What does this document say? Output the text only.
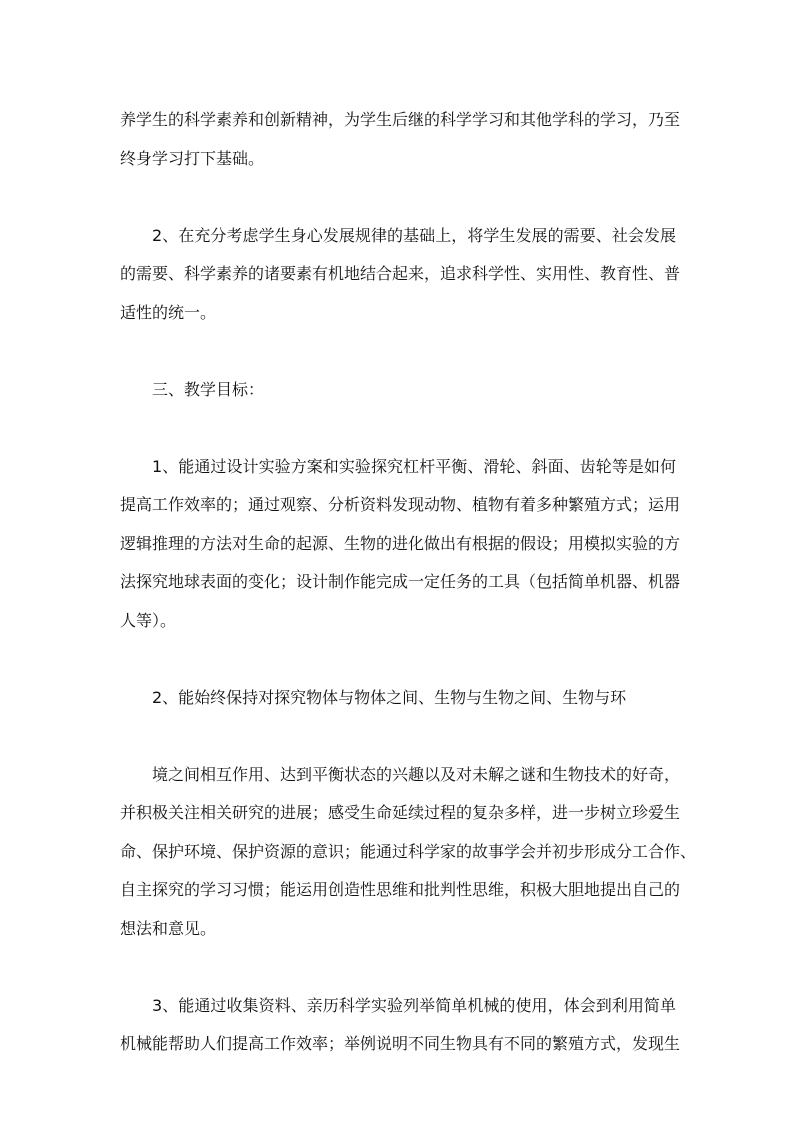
养学生的科学素养和创新精神，为学生后继的科学学习和其他学科的学习，乃至
终身学习打下基础。
2、在充分考虑学生身心发展规律的基础上，将学生发展的需要、社会发展
的需要、科学素养的诸要素有机地结合起来，追求科学性、实用性、教育性、普
适性的统一。
三、教学目标：
1、能通过设计实验方案和实验探究杠杆平衡、滑轮、斜面、齿轮等是如何
提高工作效率的；通过观察、分析资料发现动物、植物有着多种繁殖方式；运用
逻辑推理的方法对生命的起源、生物的进化做出有根据的假设；用模拟实验的方
法探究地球表面的变化；设计制作能完成一定任务的工具（包括简单机器、机器
人等）。
2、能始终保持对探究物体与物体之间、生物与生物之间、生物与环
境之间相互作用、达到平衡状态的兴趣以及对未解之谜和生物技术的好奇，
并积极关注相关研究的进展；感受生命延续过程的复杂多样，进一步树立珍爱生
命、保护环境、保护资源的意识；能通过科学家的故事学会并初步形成分工合作、
自主探究的学习习惯；能运用创造性思维和批判性思维，积极大胆地提出自己的
想法和意见。
3、能通过收集资料、亲历科学实验列举简单机械的使用，体会到利用简单
机械能帮助人们提高工作效率；举例说明不同生物具有不同的繁殖方式，发现生
